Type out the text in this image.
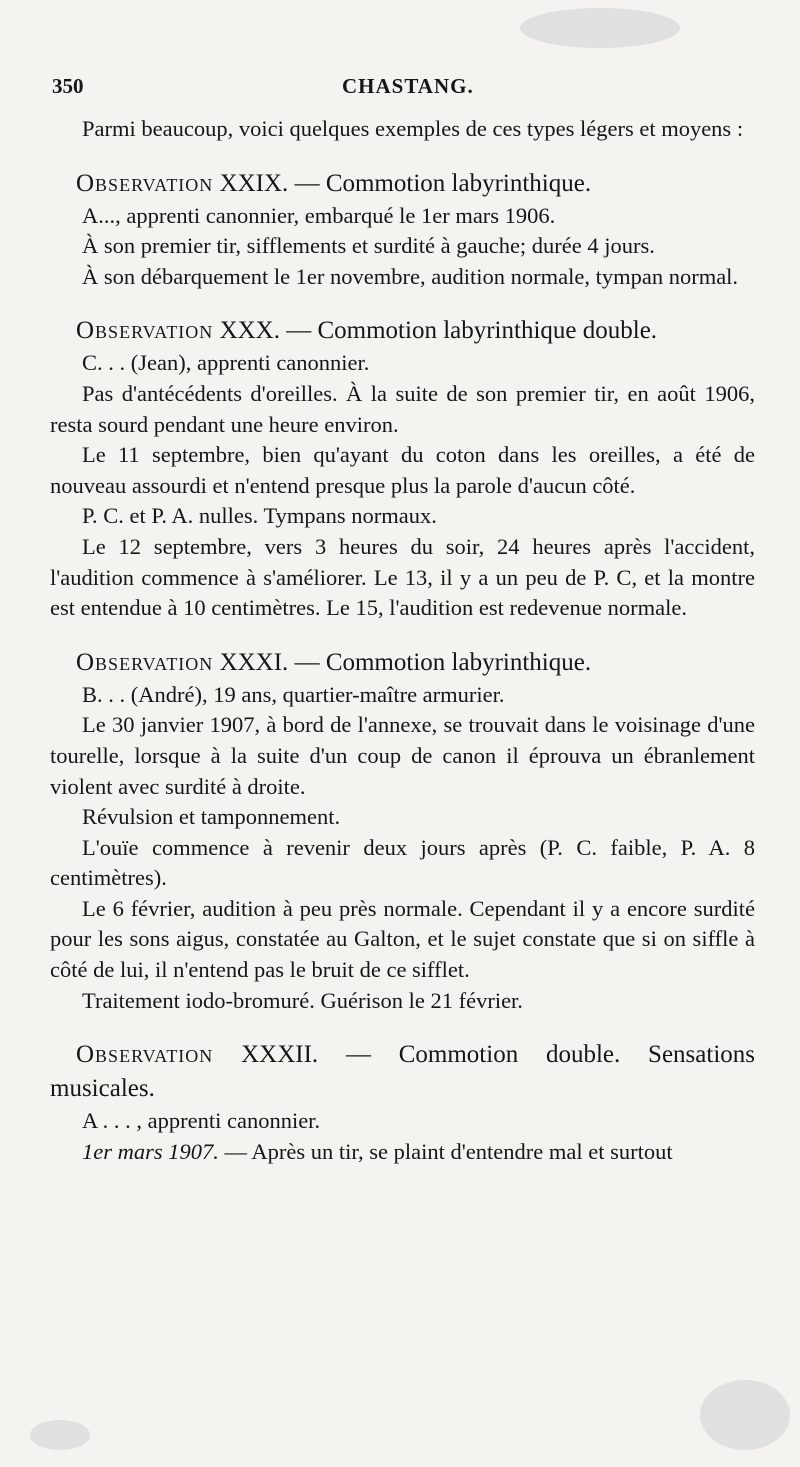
350	CHASTANG.

Parmi beaucoup, voici quelques exemples de ces types légers et moyens :

Observation XXIX. — Commotion labyrinthique.

A..., apprenti canonnier, embarqué le 1er mars 1906.

À son premier tir, sifflements et surdité à gauche; durée 4 jours.

À son débarquement le 1er novembre, audition normale, tympan normal.

Observation XXX. — Commotion labyrinthique double.

C. . . (Jean), apprenti canonnier.

Pas d'antécédents d'oreilles. À la suite de son premier tir, en août 1906, resta sourd pendant une heure environ.

Le 11 septembre, bien qu'ayant du coton dans les oreilles, a été de nouveau assourdi et n'entend presque plus la parole d'aucun côté.

P. C. et P. A. nulles. Tympans normaux.

Le 12 septembre, vers 3 heures du soir, 24 heures après l'accident, l'audition commence à s'améliorer. Le 13, il y a un peu de P. C, et la montre est entendue à 10 centimètres. Le 15, l'audition est redevenue normale.

Observation XXXI. — Commotion labyrinthique.

B. . . (André), 19 ans, quartier-maître armurier.

Le 30 janvier 1907, à bord de l'annexe, se trouvait dans le voisinage d'une tourelle, lorsque à la suite d'un coup de canon il éprouva un ébranlement violent avec surdité à droite.

Révulsion et tamponnement.

L'ouïe commence à revenir deux jours après (P. C. faible, P. A. 8 centimètres).

Le 6 février, audition à peu près normale. Cependant il y a encore surdité pour les sons aigus, constatée au Galton, et le sujet constate que si on siffle à côté de lui, il n'entend pas le bruit de ce sifflet.

Traitement iodo-bromuré. Guérison le 21 février.

Observation XXXII. — Commotion double. Sensations musicales.

A . . . , apprenti canonnier.

1er mars 1907. — Après un tir, se plaint d'entendre mal et surtout
